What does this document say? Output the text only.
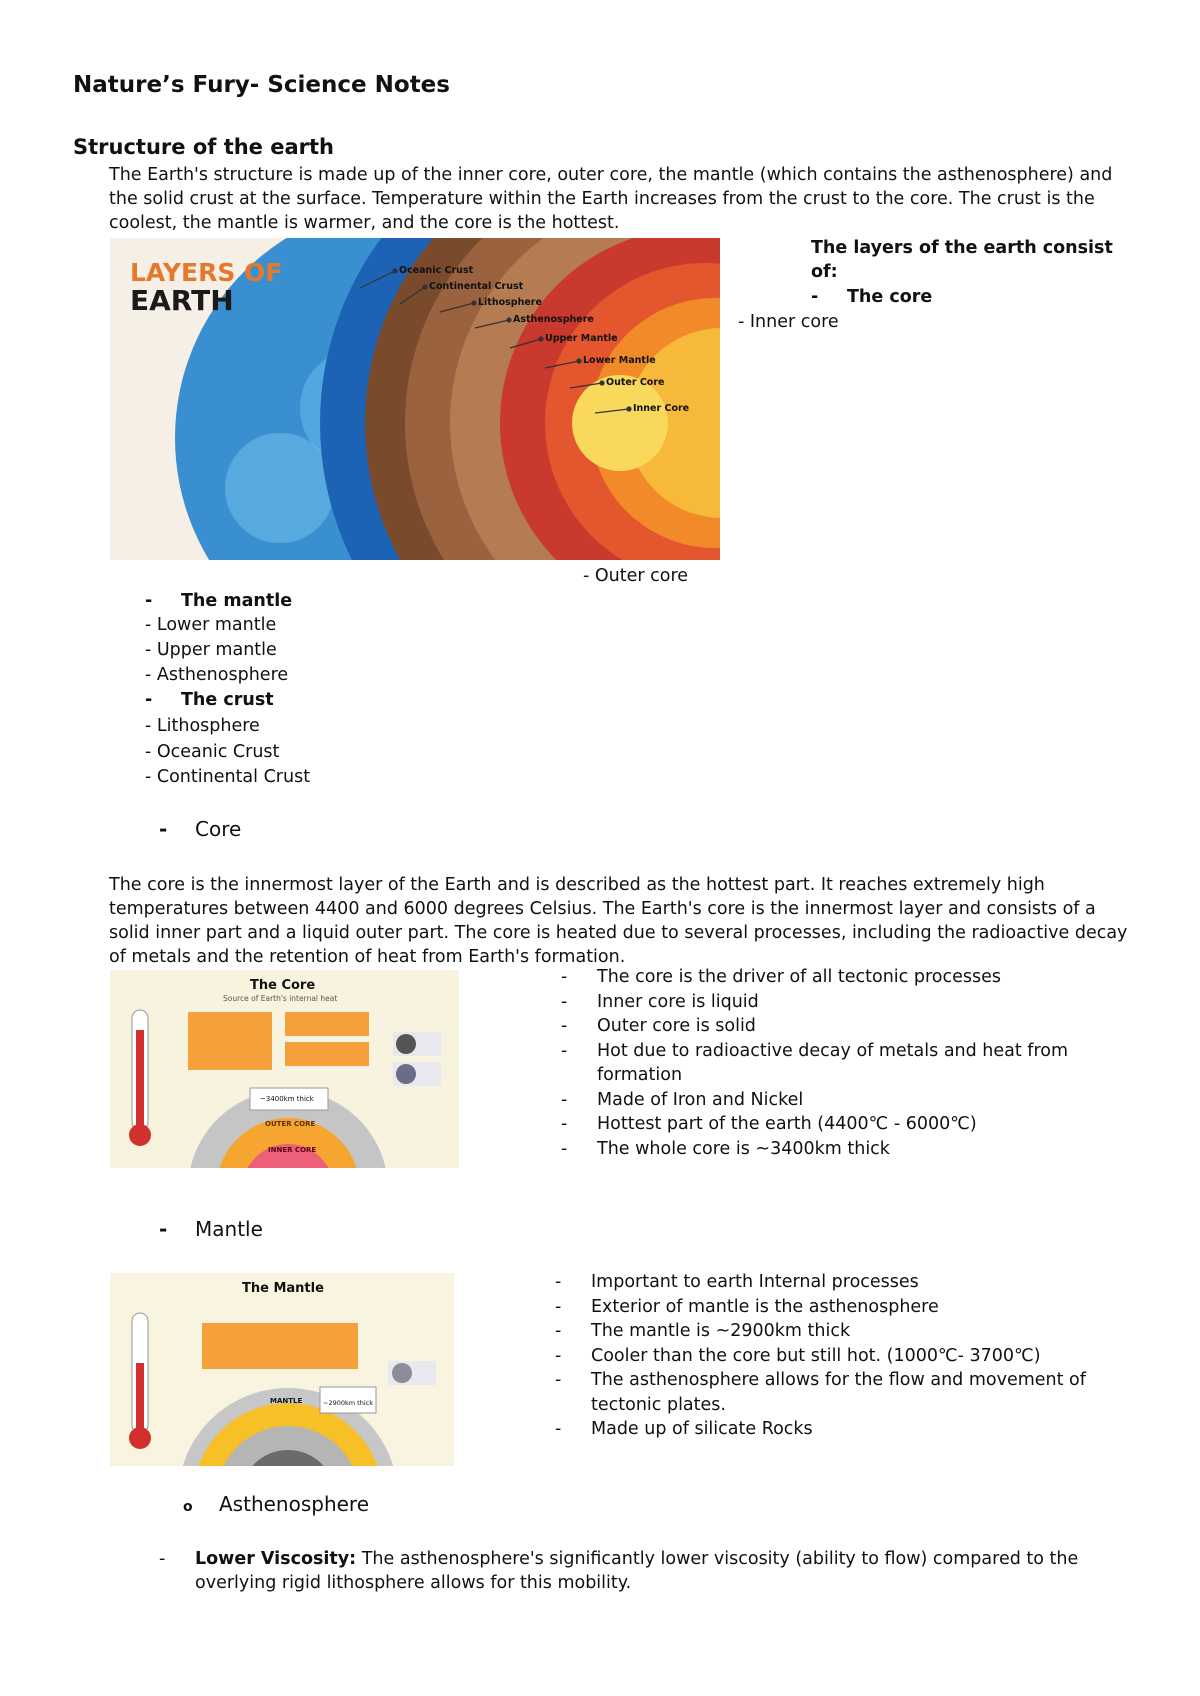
Nature’s Fury- Science Notes
Structure of the earth
The Earth's structure is made up of the inner core, outer core, the mantle (which contains the asthenosphere) and the solid crust at the surface. Temperature within the Earth increases from the crust to the core. The crust is the coolest, the mantle is warmer, and the core is the hottest.
LAYERS OF
EARTH
Oceanic Crust
Continental Crust
Lithosphere
Asthenosphere
Upper Mantle
Lower Mantle
Outer Core
Inner Core
The layers of the earth consist of:
- The core
- Inner core
- Outer core
- The mantle
- Lower mantle
- Upper mantle
- Asthenosphere
- The crust
- Lithosphere
- Oceanic Crust
- Continental Crust
- Core
The core is the innermost layer of the Earth and is described as the hottest part. It reaches extremely high temperatures between 4400 and 6000 degrees Celsius. The Earth's core is the innermost layer and consists of a solid inner part and a liquid outer part. The core is heated due to several processes, including the radioactive decay of metals and the retention of heat from Earth's formation.
The Core
Source of Earth's internal heat
~3400km thick
OUTER CORE
INNER CORE
-	The core is the driver of all tectonic processes
-	Inner core is liquid
-	Outer core is solid
-	Hot due to radioactive decay of metals and heat from formation
-	Made of Iron and Nickel
-	Hottest part of the earth (4400℃ - 6000℃)
-	The whole core is ~3400km thick
- Mantle
The Mantle
MANTLE	~2900km thick
-	Important to earth Internal processes
-	Exterior of mantle is the asthenosphere
-	The mantle is ~2900km thick
-	Cooler than the core but still hot. (1000℃- 3700℃)
-	The asthenosphere allows for the flow and movement of tectonic plates.
-	Made up of silicate Rocks
o Asthenosphere
-	Lower Viscosity: The asthenosphere's significantly lower viscosity (ability to flow) compared to the overlying rigid lithosphere allows for this mobility.
